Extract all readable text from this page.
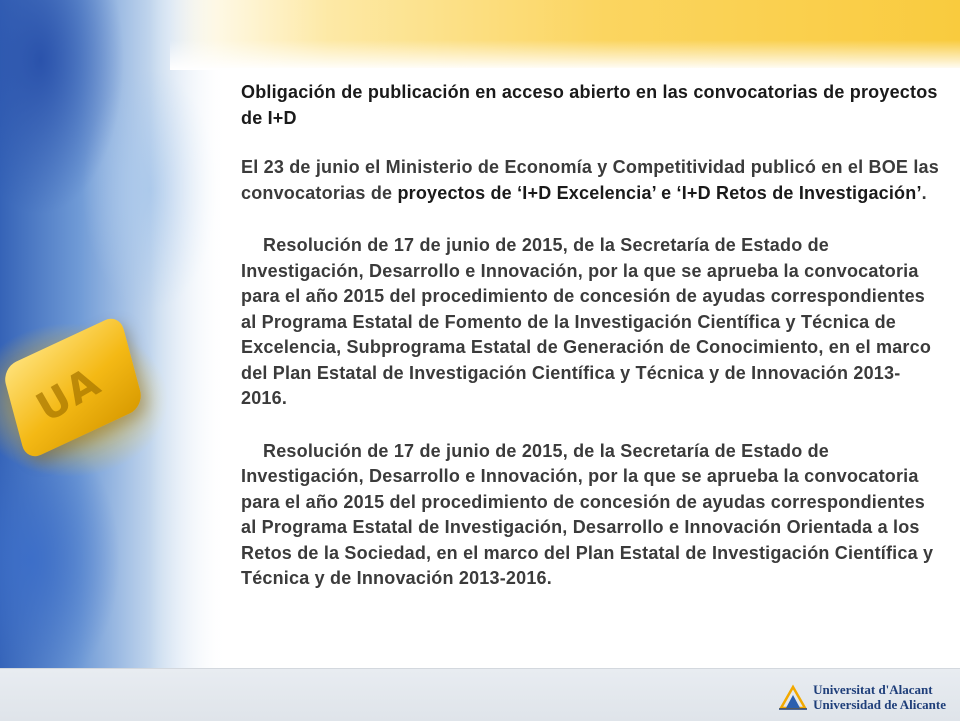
UA

Obligación de publicación en acceso abierto en las convocatorias de proyectos de I+D

El 23 de junio el Ministerio de Economía y Competitividad publicó en el BOE las convocatorias de proyectos de ‘I+D Excelencia’ e ‘I+D Retos de Investigación’.

Resolución de 17 de junio de 2015, de la Secretaría de Estado de Investigación, Desarrollo e Innovación, por la que se aprueba la convocatoria para el año 2015 del procedimiento de concesión de ayudas correspondientes al Programa Estatal de Fomento de la Investigación Científica y Técnica de Excelencia, Subprograma Estatal de Generación de Conocimiento, en el marco del Plan Estatal de Investigación Científica y Técnica y de Innovación 2013-2016.

Resolución de 17 de junio de 2015, de la Secretaría de Estado de Investigación, Desarrollo e Innovación, por la que se aprueba la convocatoria para el año 2015 del procedimiento de concesión de ayudas correspondientes al Programa Estatal de Investigación, Desarrollo e Innovación Orientada a los Retos de la Sociedad, en el marco del Plan Estatal de Investigación Científica y Técnica y de Innovación 2013-2016.

Universitat d'Alacant
Universidad de Alicante
